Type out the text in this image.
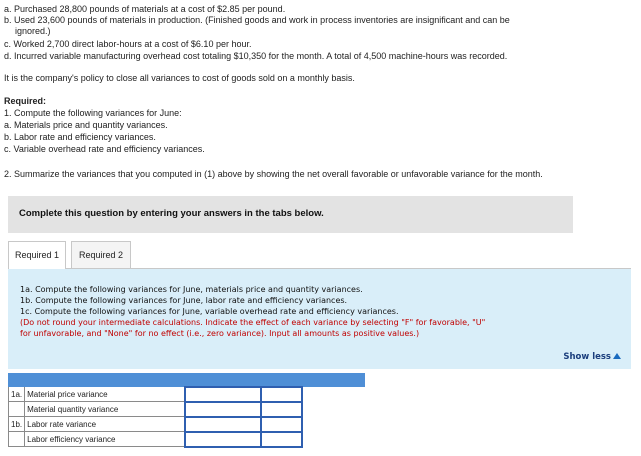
a. Purchased 28,800 pounds of materials at a cost of $2.85 per pound.
b. Used 23,600 pounds of materials in production. (Finished goods and work in process inventories are insignificant and can be
ignored.)
c. Worked 2,700 direct labor-hours at a cost of $6.10 per hour.
d. Incurred variable manufacturing overhead cost totaling $10,350 for the month. A total of 4,500 machine-hours was recorded.
It is the company's policy to close all variances to cost of goods sold on a monthly basis.
Required:
1. Compute the following variances for June:
a. Materials price and quantity variances.
b. Labor rate and efficiency variances.
c. Variable overhead rate and efficiency variances.
2. Summarize the variances that you computed in (1) above by showing the net overall favorable or unfavorable variance for the month.
Complete this question by entering your answers in the tabs below.
Required 1	Required 2
1a. Compute the following variances for June, materials price and quantity variances.
1b. Compute the following variances for June, labor rate and efficiency variances.
1c. Compute the following variances for June, variable overhead rate and efficiency variances.
(Do not round your intermediate calculations. Indicate the effect of each variance by selecting "F" for favorable, "U"
for unfavorable, and "None" for no effect (i.e., zero variance). Input all amounts as positive values.)
Show less

1a.	Material price variance			
	Material quantity variance			
1b.	Labor rate variance			
	Labor efficiency variance			
